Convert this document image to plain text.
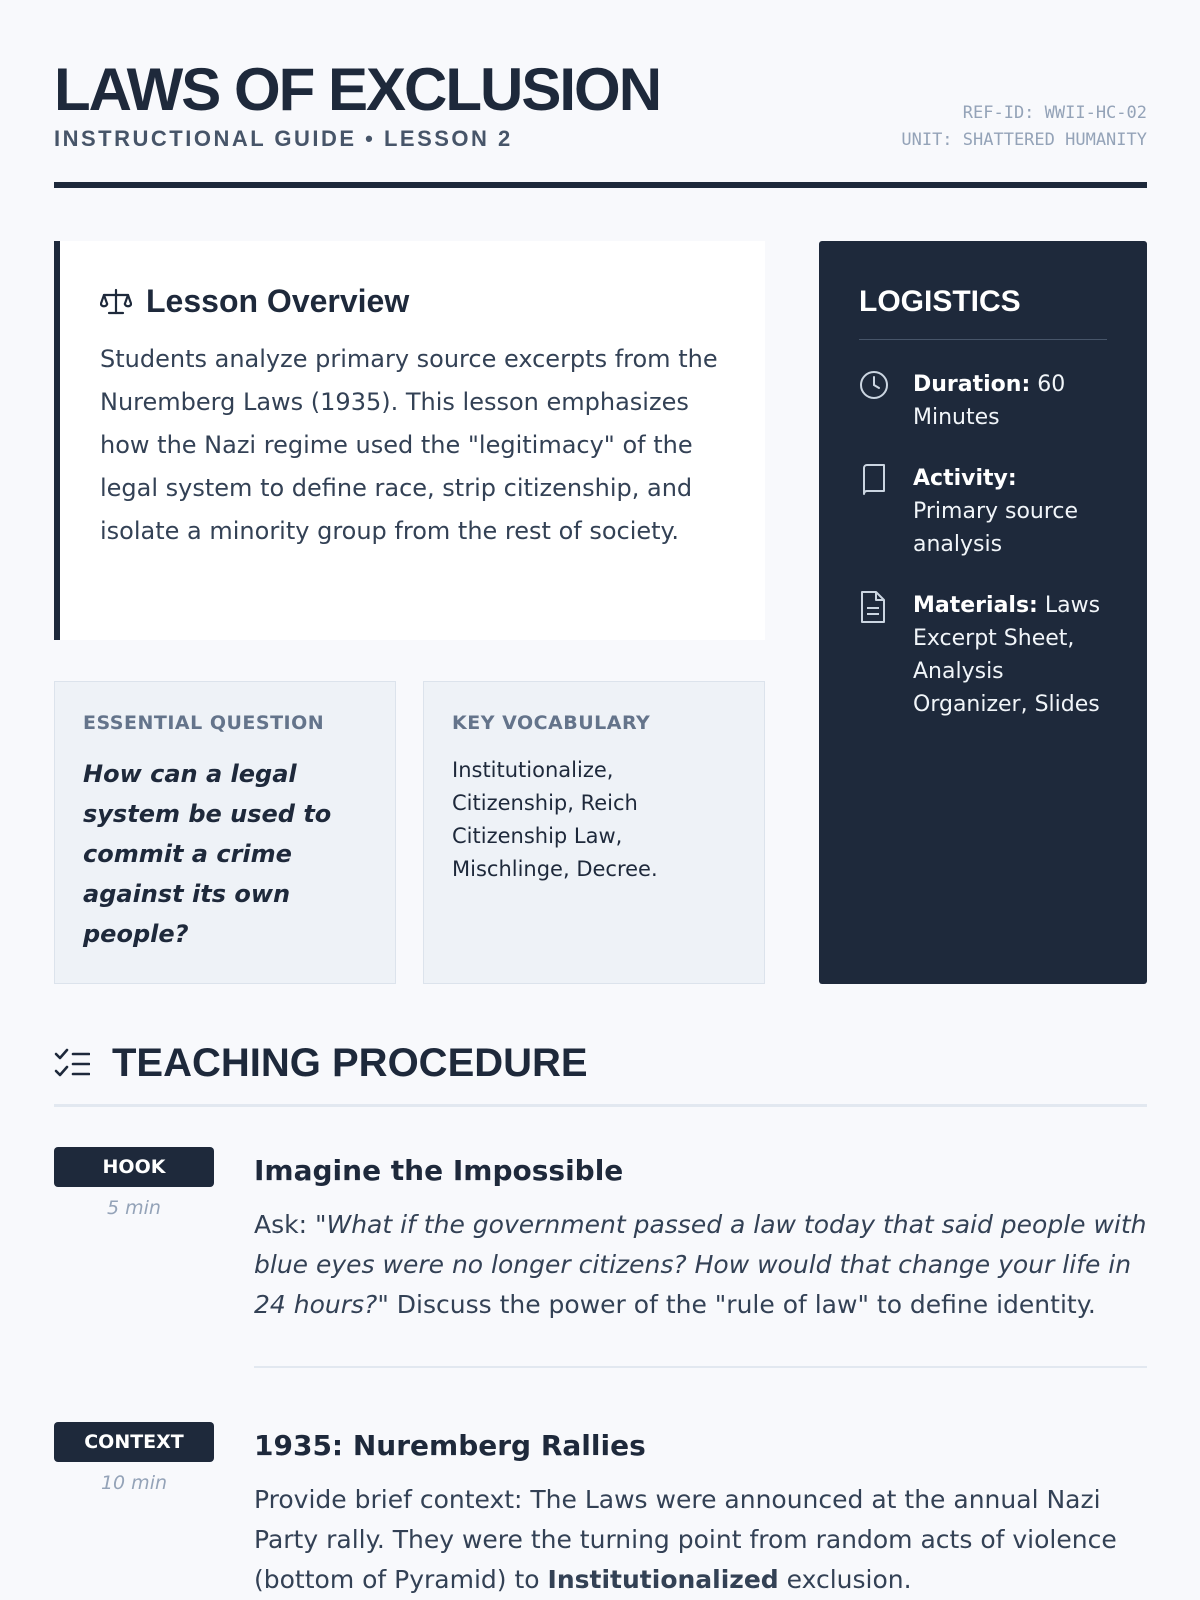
LAWS OF EXCLUSION
INSTRUCTIONAL GUIDE • LESSON 2
REF-ID: WWII-HC-02
UNIT: SHATTERED HUMANITY
Lesson Overview

Students analyze primary source excerpts from the Nuremberg Laws (1935). This lesson emphasizes how the Nazi regime used the "legitimacy" of the legal system to define race, strip citizenship, and isolate a minority group from the rest of society.

ESSENTIAL QUESTION
How can a legal system be used to commit a crime against its own people?
KEY VOCABULARY
Institutionalize, Citizenship, Reich Citizenship Law, Mischlinge, Decree.
LOGISTICS
Duration: 60 Minutes
Activity: Primary source analysis
Materials: Laws Excerpt Sheet, Analysis Organizer, Slides
TEACHING PROCEDURE
HOOK
5 min
Imagine the Impossible

Ask: "What if the government passed a law today that said people with blue eyes were no longer citizens? How would that change your life in 24 hours?" Discuss the power of the "rule of law" to define identity.

CONTEXT
10 min
1935: Nuremberg Rallies

Provide brief context: The Laws were announced at the annual Nazi Party rally. They were the turning point from random acts of violence (bottom of Pyramid) to Institutionalized exclusion.
